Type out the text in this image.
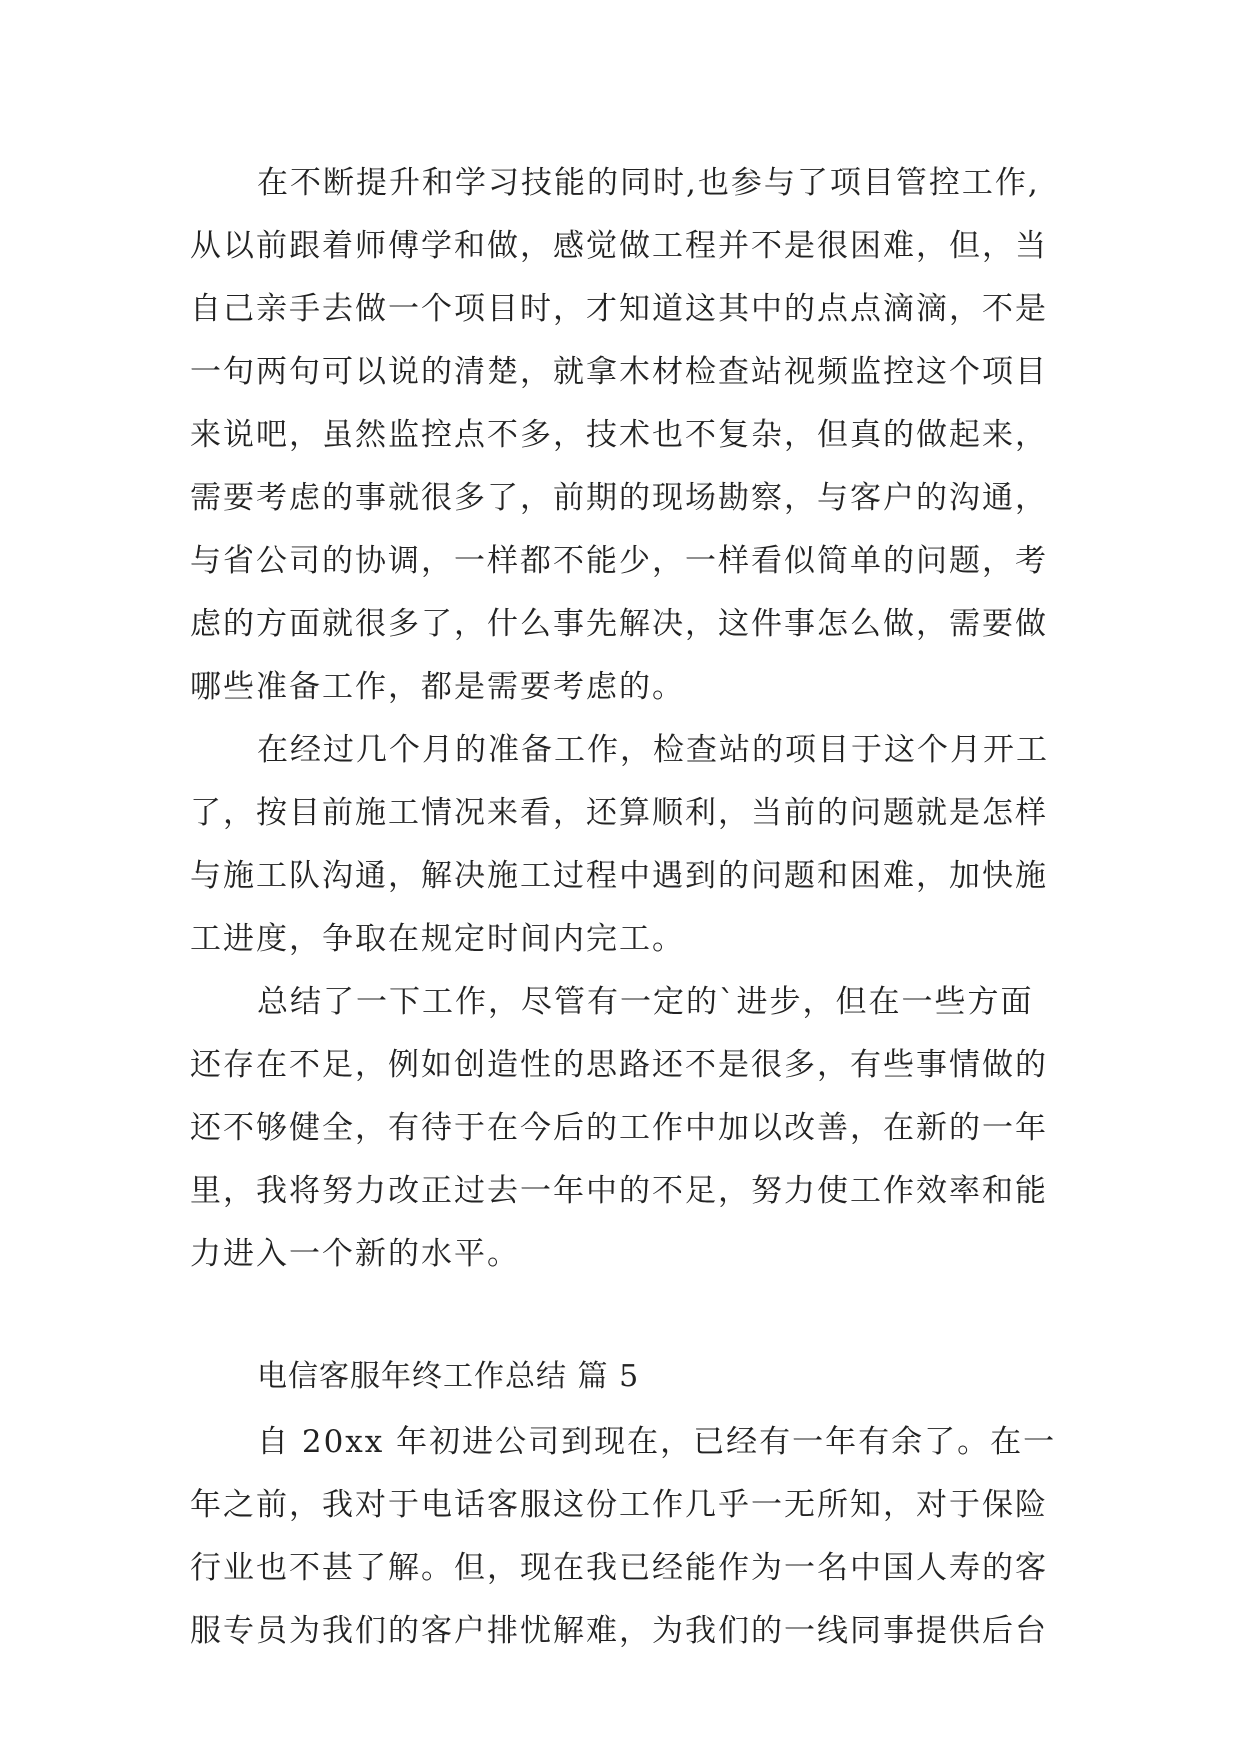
在不断提升和学习技能的同时,也参与了项目管控工作,
从以前跟着师傅学和做，感觉做工程并不是很困难，但，当
自己亲手去做一个项目时，才知道这其中的点点滴滴，不是
一句两句可以说的清楚，就拿木材检查站视频监控这个项目
来说吧，虽然监控点不多，技术也不复杂，但真的做起来，
需要考虑的事就很多了，前期的现场勘察，与客户的沟通，
与省公司的协调，一样都不能少，一样看似简单的问题，考
虑的方面就很多了，什么事先解决，这件事怎么做，需要做
哪些准备工作，都是需要考虑的。
在经过几个月的准备工作，检查站的项目于这个月开工
了，按目前施工情况来看，还算顺利，当前的问题就是怎样
与施工队沟通，解决施工过程中遇到的问题和困难，加快施
工进度，争取在规定时间内完工。
总结了一下工作，尽管有一定的`进步，但在一些方面
还存在不足，例如创造性的思路还不是很多，有些事情做的
还不够健全，有待于在今后的工作中加以改善，在新的一年
里，我将努力改正过去一年中的不足，努力使工作效率和能
力进入一个新的水平。
电信客服年终工作总结 篇 5
自 20xx 年初进公司到现在，已经有一年有余了。在一
年之前，我对于电话客服这份工作几乎一无所知，对于保险
行业也不甚了解。但，现在我已经能作为一名中国人寿的客
服专员为我们的客户排忧解难，为我们的一线同事提供后台
